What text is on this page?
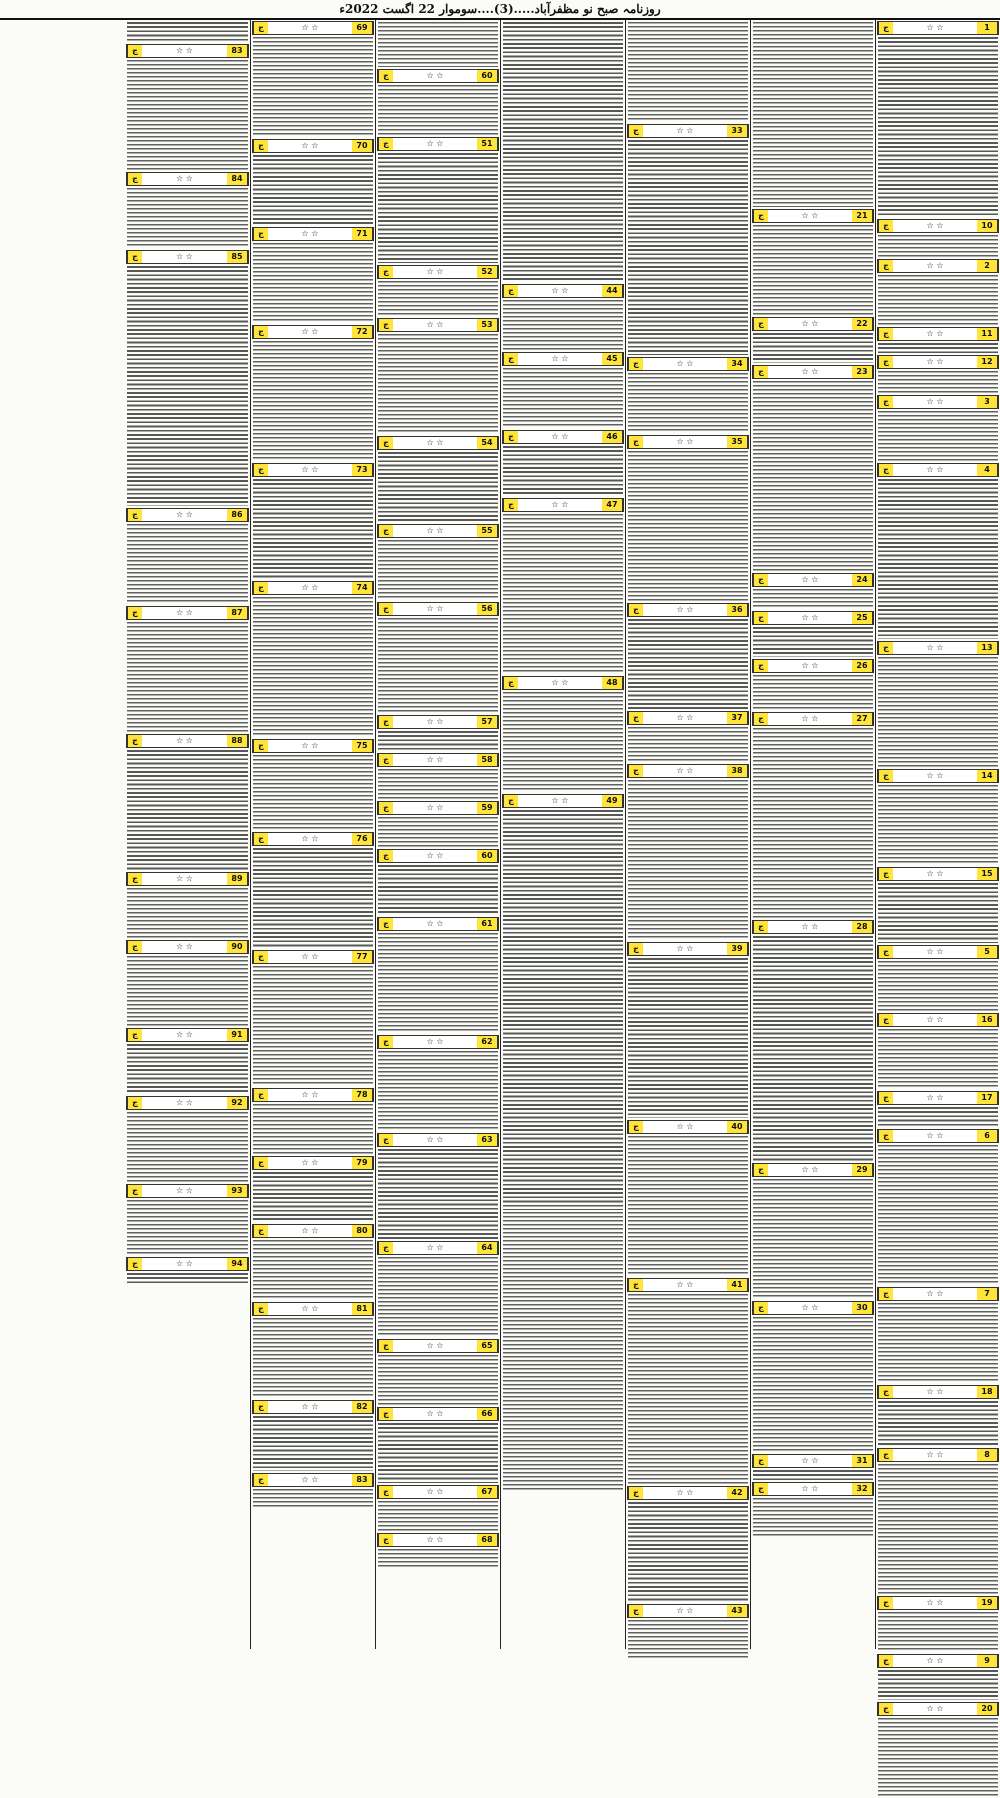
روزنامہ صبح نو مظفرآباد.....(3)....سوموار 22 اگست 2022ء
ج	☆ ☆	1
ج	☆ ☆	10
ج	☆ ☆	2
ج	☆ ☆	11
ج	☆ ☆	12
ج	☆ ☆	3
ج	☆ ☆	4
ج	☆ ☆	13
ج	☆ ☆	14
ج	☆ ☆	15
ج	☆ ☆	5
ج	☆ ☆	16
ج	☆ ☆	17
ج	☆ ☆	6
ج	☆ ☆	7
ج	☆ ☆	18
ج	☆ ☆	8
ج	☆ ☆	19
ج	☆ ☆	9
ج	☆ ☆	20
ج	☆ ☆	21
ج	☆ ☆	22
ج	☆ ☆	23
ج	☆ ☆	24
ج	☆ ☆	25
ج	☆ ☆	26
ج	☆ ☆	27
ج	☆ ☆	28
ج	☆ ☆	29
ج	☆ ☆	30
ج	☆ ☆	31
ج	☆ ☆	32
ج	☆ ☆	33
ج	☆ ☆	34
ج	☆ ☆	35
ج	☆ ☆	36
ج	☆ ☆	37
ج	☆ ☆	38
ج	☆ ☆	39
ج	☆ ☆	40
ج	☆ ☆	41
ج	☆ ☆	42
ج	☆ ☆	43
ج	☆ ☆	44
ج	☆ ☆	45
ج	☆ ☆	46
ج	☆ ☆	47
ج	☆ ☆	48
ج	☆ ☆	49
ج	☆ ☆	60
ج	☆ ☆	51
ج	☆ ☆	52
ج	☆ ☆	53
ج	☆ ☆	54
ج	☆ ☆	55
ج	☆ ☆	56
ج	☆ ☆	57
ج	☆ ☆	58
ج	☆ ☆	59
ج	☆ ☆	60
ج	☆ ☆	61
ج	☆ ☆	62
ج	☆ ☆	63
ج	☆ ☆	64
ج	☆ ☆	65
ج	☆ ☆	66
ج	☆ ☆	67
ج	☆ ☆	68
ج	☆ ☆	69
ج	☆ ☆	70
ج	☆ ☆	71
ج	☆ ☆	72
ج	☆ ☆	73
ج	☆ ☆	74
ج	☆ ☆	75
ج	☆ ☆	76
ج	☆ ☆	77
ج	☆ ☆	78
ج	☆ ☆	79
ج	☆ ☆	80
ج	☆ ☆	81
ج	☆ ☆	82
ج	☆ ☆	83
ج	☆ ☆	83
ج	☆ ☆	84
ج	☆ ☆	85
ج	☆ ☆	86
ج	☆ ☆	87
ج	☆ ☆	88
ج	☆ ☆	89
ج	☆ ☆	90
ج	☆ ☆	91
ج	☆ ☆	92
ج	☆ ☆	93
ج	☆ ☆	94
